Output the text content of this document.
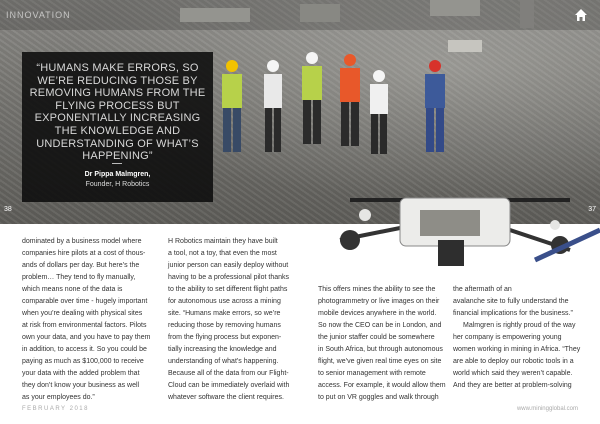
INNOVATION
“HUMANS MAKE ERRORS, SO WE’RE REDUCING THOSE BY REMOVING HUMANS FROM THE FLYING PROCESS BUT EXPONENTIALLY INCREASING THE KNOWLEDGE AND UNDERSTANDING OF WHAT’S HAPPENING”
Dr Pippa Malmgren,
Founder, H Robotics
38	37
dominated by a business model where
companies hire pilots at a cost of thous-
ands of dollars per day. But here’s the
problem… They tend to fly manually,
which means none of the data is
comparable over time - hugely important
when you’re dealing with physical sites
at risk from environmental factors. Pilots
own your data, and you have to pay them
in addition, to access it. So you could be
paying as much as $100,000 to receive
your data with the added problem that
they don’t know your business as well
as your employees do.”
H Robotics maintain they have built
a tool, not a toy, that even the most
junior person can easily deploy without
having to be a professional pilot thanks
to the ability to set different flight paths
for autonomous use across a mining
site. “Humans make errors, so we’re
reducing those by removing humans
from the flying process but exponen-
tially increasing the knowledge and
understanding of what’s happening.
Because all of the data from our Flight-
Cloud can be immediately overlaid with
whatever software the client requires.
This offers mines the ability to see the
photogrammetry or live images on their
mobile devices anywhere in the world.
So now the CEO can be in London, and
the junior staffer could be somewhere
in South Africa, but through autonomous
flight, we’ve given real time eyes on site
to senior management with remote
access. For example, it would allow them
to put on VR goggles and walk through
the aftermath of an
avalanche site to fully understand the
financial implications for the business.”
Malmgren is rightly proud of the way
her company is empowering young
women working in mining in Africa. “They
are able to deploy our robotic tools in a
world which said they weren’t capable.
And they are better at problem-solving
FEBRUARY 2018	www.miningglobal.com
